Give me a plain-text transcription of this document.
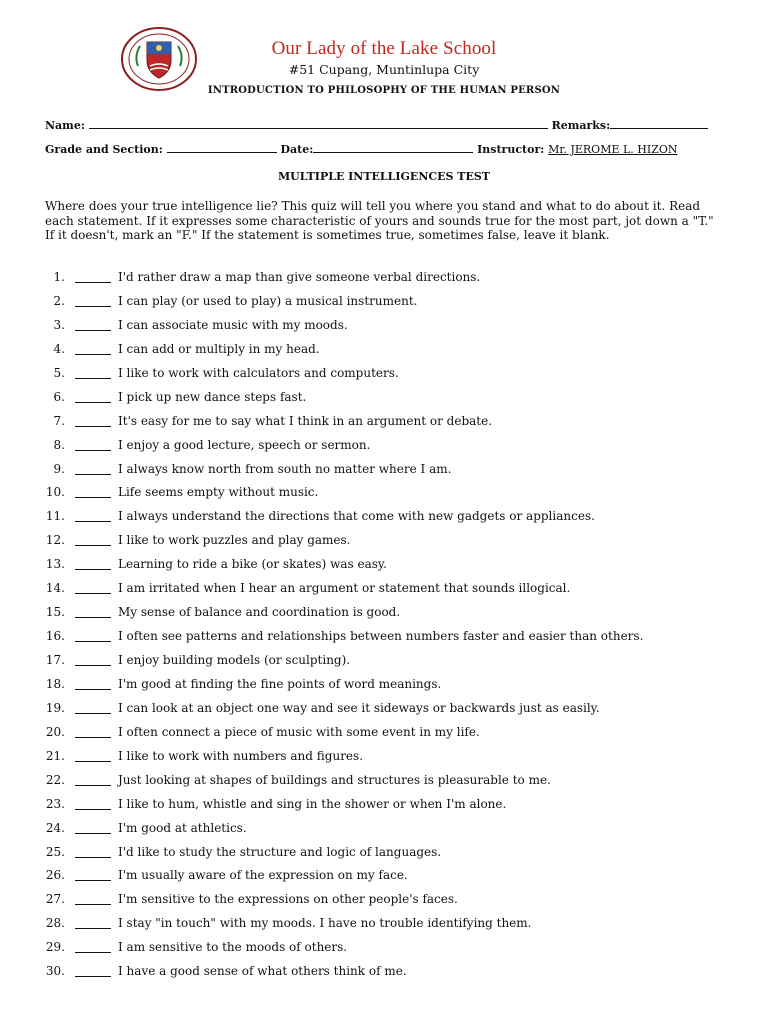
Our Lady of the Lake School
#51 Cupang, Muntinlupa City
INTRODUCTION TO PHILOSOPHY OF THE HUMAN PERSON
Name:	Remarks:
Grade and Section:	Date:	Instructor: Mr. JEROME L. HIZON
MULTIPLE INTELLIGENCES TEST
Where does your true intelligence lie? This quiz will tell you where you stand and what to do about it. Read each statement. If it expresses some characteristic of yours and sounds true for the most part, jot down a "T." If it doesn't, mark an "F." If the statement is sometimes true, sometimes false, leave it blank.
1.	I'd rather draw a map than give someone verbal directions.
2.	I can play (or used to play) a musical instrument.
3.	I can associate music with my moods.
4.	I can add or multiply in my head.
5.	I like to work with calculators and computers.
6.	I pick up new dance steps fast.
7.	It's easy for me to say what I think in an argument or debate.
8.	I enjoy a good lecture, speech or sermon.
9.	I always know north from south no matter where I am.
10.	Life seems empty without music.
11.	I always understand the directions that come with new gadgets or appliances.
12.	I like to work puzzles and play games.
13.	Learning to ride a bike (or skates) was easy.
14.	I am irritated when I hear an argument or statement that sounds illogical.
15.	My sense of balance and coordination is good.
16.	I often see patterns and relationships between numbers faster and easier than others.
17.	I enjoy building models (or sculpting).
18.	I'm good at finding the fine points of word meanings.
19.	I can look at an object one way and see it sideways or backwards just as easily.
20.	I often connect a piece of music with some event in my life.
21.	I like to work with numbers and figures.
22.	Just looking at shapes of buildings and structures is pleasurable to me.
23.	I like to hum, whistle and sing in the shower or when I'm alone.
24.	I'm good at athletics.
25.	I'd like to study the structure and logic of languages.
26.	I'm usually aware of the expression on my face.
27.	I'm sensitive to the expressions on other people's faces.
28.	I stay "in touch" with my moods. I have no trouble identifying them.
29.	I am sensitive to the moods of others.
30.	I have a good sense of what others think of me.
